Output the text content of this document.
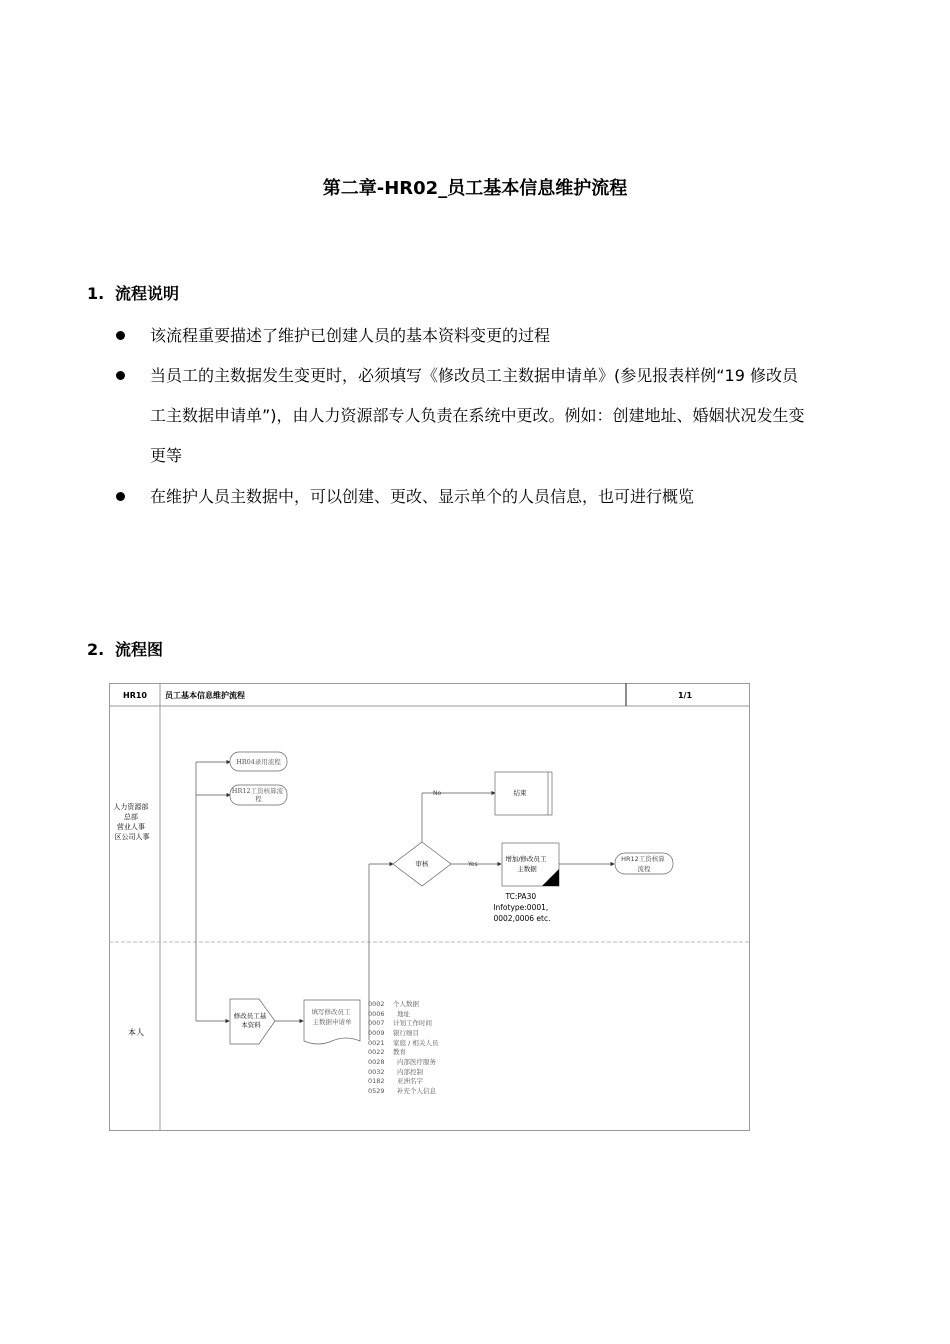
第二章-HR02_员工基本信息维护流程
1. 流程说明
该流程重要描述了维护已创建人员的基本资料变更的过程
当员工的主数据发生变更时，必须填写《修改员工主数据申请单》(参见报表样例“19 修改员
工主数据申请单”)，由人力资源部专人负责在系统中更改。例如：创建地址、婚姻状况发生变
更等
在维护人员主数据中，可以创建、更改、显示单个的人员信息，也可进行概览
2. 流程图
HR10 员工基本信息维护流程	1/1
人力资源部 总部 营业人事 区公司人事
本人
HR04录用流程
HR12工资核算流 程
修改员工基 本资料
填写修改员工 主数据申请单
0002 个人数据
0006 地址
0007 计划工作时间
0009 银行细目
0021 家庭 / 相关人员
0022 教育
0028 内部医疗服务
0032 内部控制
0182 亚洲名字
0529 补充个人信息
审核
No	结束
Yes
增加/修改员工 主数据
HR12工资核算 流程
TC:PA30 Infotype:0001, 0002,0006 etc.
